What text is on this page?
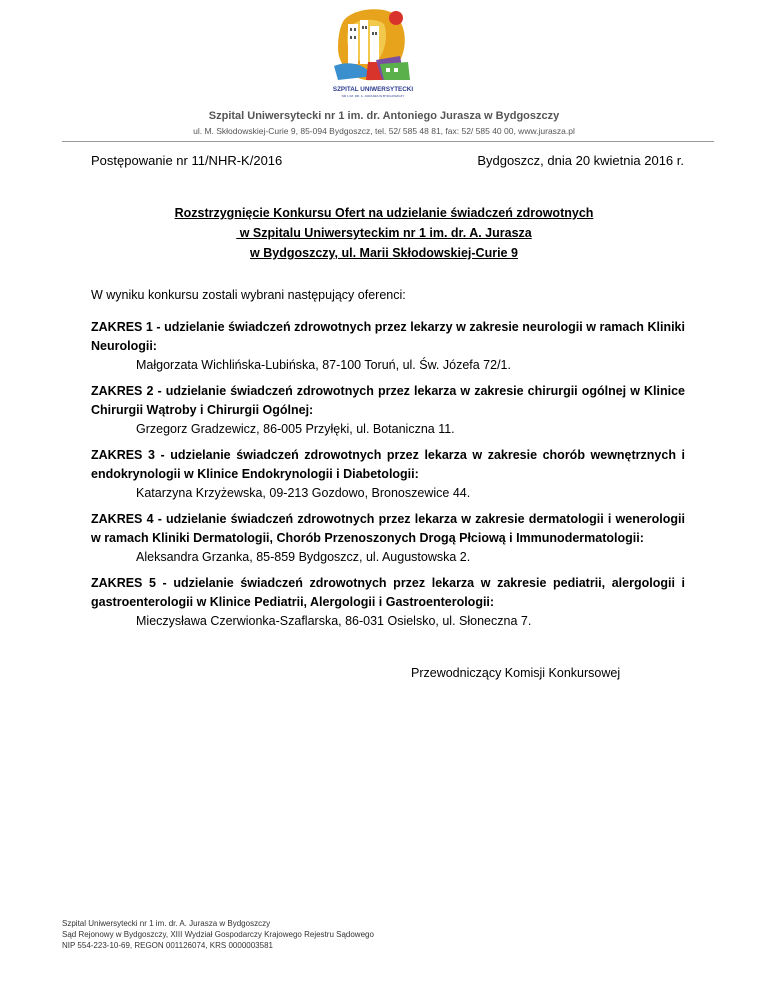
SZPITAL UNIWERSYTECKI
NR 1 IM. DR. A. JURASZA W BYDGOSZCZY
Szpital Uniwersytecki nr 1 im. dr. Antoniego Jurasza w Bydgoszczy
ul. M. Skłodowskiej-Curie 9, 85-094 Bydgoszcz, tel. 52/ 585 48 81, fax: 52/ 585 40 00, www.jurasza.pl
Postępowanie nr 11/NHR-K/2016	Bydgoszcz, dnia 20 kwietnia 2016 r.
Rozstrzygnięcie Konkursu Ofert na udzielanie świadczeń zdrowotnych
w Szpitalu Uniwersyteckim nr 1 im. dr. A. Jurasza
w Bydgoszczy, ul. Marii Skłodowskiej-Curie 9

W wyniku konkursu zostali wybrani następujący oferenci:

ZAKRES 1 - udzielanie świadczeń zdrowotnych przez lekarzy w zakresie neurologii w ramach Kliniki Neurologii:
Małgorzata Wichlińska-Lubińska, 87-100 Toruń, ul. Św. Józefa 72/1.
ZAKRES 2 - udzielanie świadczeń zdrowotnych przez lekarza w zakresie chirurgii ogólnej w Klinice Chirurgii Wątroby i Chirurgii Ogólnej:
Grzegorz Gradzewicz, 86-005 Przyłęki, ul. Botaniczna 11.
ZAKRES 3 - udzielanie świadczeń zdrowotnych przez lekarza w zakresie chorób wewnętrznych i endokrynologii w Klinice Endokrynologii i Diabetologii:
Katarzyna Krzyżewska, 09-213 Gozdowo, Bronoszewice 44.
ZAKRES 4 - udzielanie świadczeń zdrowotnych przez lekarza w zakresie dermatologii i wenerologii w ramach Kliniki Dermatologii, Chorób Przenoszonych Drogą Płciową i Immunodermatologii:
Aleksandra Grzanka, 85-859 Bydgoszcz, ul. Augustowska 2.
ZAKRES 5 - udzielanie świadczeń zdrowotnych przez lekarza w zakresie pediatrii, alergologii i gastroenterologii w Klinice Pediatrii, Alergologii i Gastroenterologii:
Mieczysława Czerwionka-Szaflarska, 86-031 Osielsko, ul. Słoneczna 7.
Przewodniczący Komisji Konkursowej
Szpital Uniwersytecki nr 1 im. dr. A. Jurasza w Bydgoszczy
Sąd Rejonowy w Bydgoszczy, XIII Wydział Gospodarczy Krajowego Rejestru Sądowego
NIP 554-223-10-69, REGON 001126074, KRS 0000003581
